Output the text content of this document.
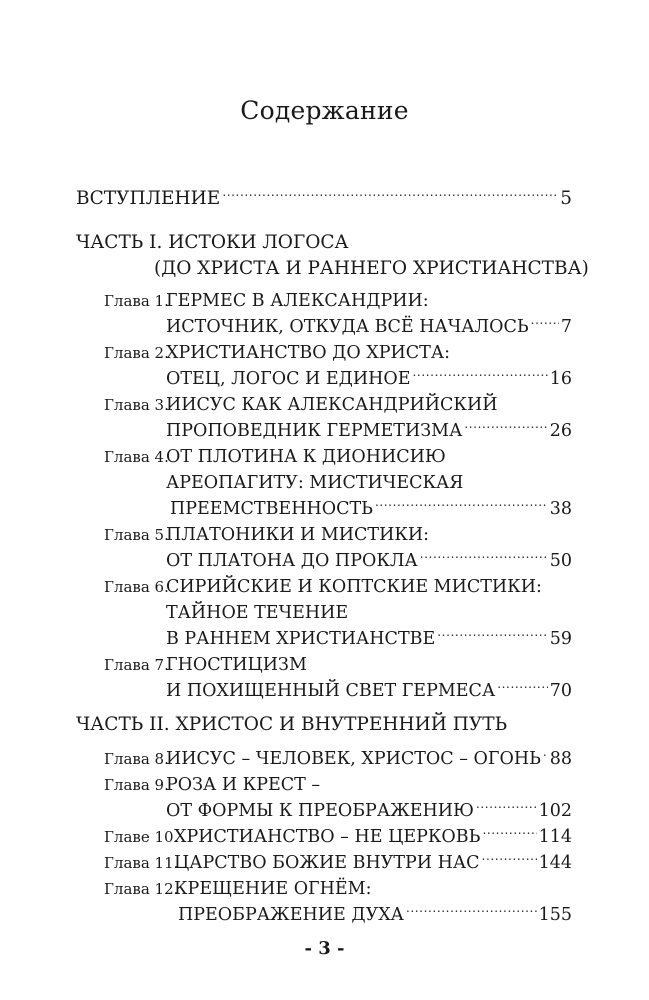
Содержание
ВСТУПЛЕНИЕ .....	5
ЧАСТЬ I. ИСТОКИ ЛОГОСА
(ДО ХРИСТА И РАННЕГО ХРИСТИАНСТВА)
Глава 1.
ГЕРМЕС В АЛЕКСАНДРИИ:
ИСТОЧНИК, ОТКУДА ВСЁ НАЧАЛОСЬ ..... 7
Глава 2.
ХРИСТИАНСТВО ДО ХРИСТА:
ОТЕЦ, ЛОГОС И ЕДИНОЕ .....	16
Глава 3.
ИИСУС КАК АЛЕКСАНДРИЙСКИЙ
ПРОПОВЕДНИК ГЕРМЕТИЗМА .....	26
Глава 4.
ОТ ПЛОТИНА К ДИОНИСИЮ
АРЕОПАГИТУ: МИСТИЧЕСКАЯ
ПРЕЕМСТВЕННОСТЬ .....	38
Глава 5.
ПЛАТОНИКИ И МИСТИКИ:
ОТ ПЛАТОНА ДО ПРОКЛА .....	50
Глава 6.
СИРИЙСКИЕ И КОПТСКИЕ МИСТИКИ:
ТАЙНОЕ ТЕЧЕНИЕ
В РАННЕМ ХРИСТИАНСТВЕ .....	59
Глава 7.
ГНОСТИЦИЗМ
И ПОХИЩЕННЫЙ СВЕТ ГЕРМЕСА .....	70
ЧАСТЬ II. ХРИСТОС И ВНУТРЕННИЙ ПУТЬ
Глава 8.
ИИСУС – ЧЕЛОВЕК, ХРИСТОС – ОГОНЬ ..... 88
Глава 9.
РОЗА И КРЕСТ –
ОТ ФОРМЫ К ПРЕОБРАЖЕНИЮ .....	102
Главе 10.
ХРИСТИАНСТВО – НЕ ЦЕРКОВЬ .....	114
Глава 11.
ЦАРСТВО БОЖИЕ ВНУТРИ НАС .....	144
Глава 12.
КРЕЩЕНИЕ ОГНЁМ:
ПРЕОБРАЖЕНИЕ ДУХА .....	155
- 3 -
